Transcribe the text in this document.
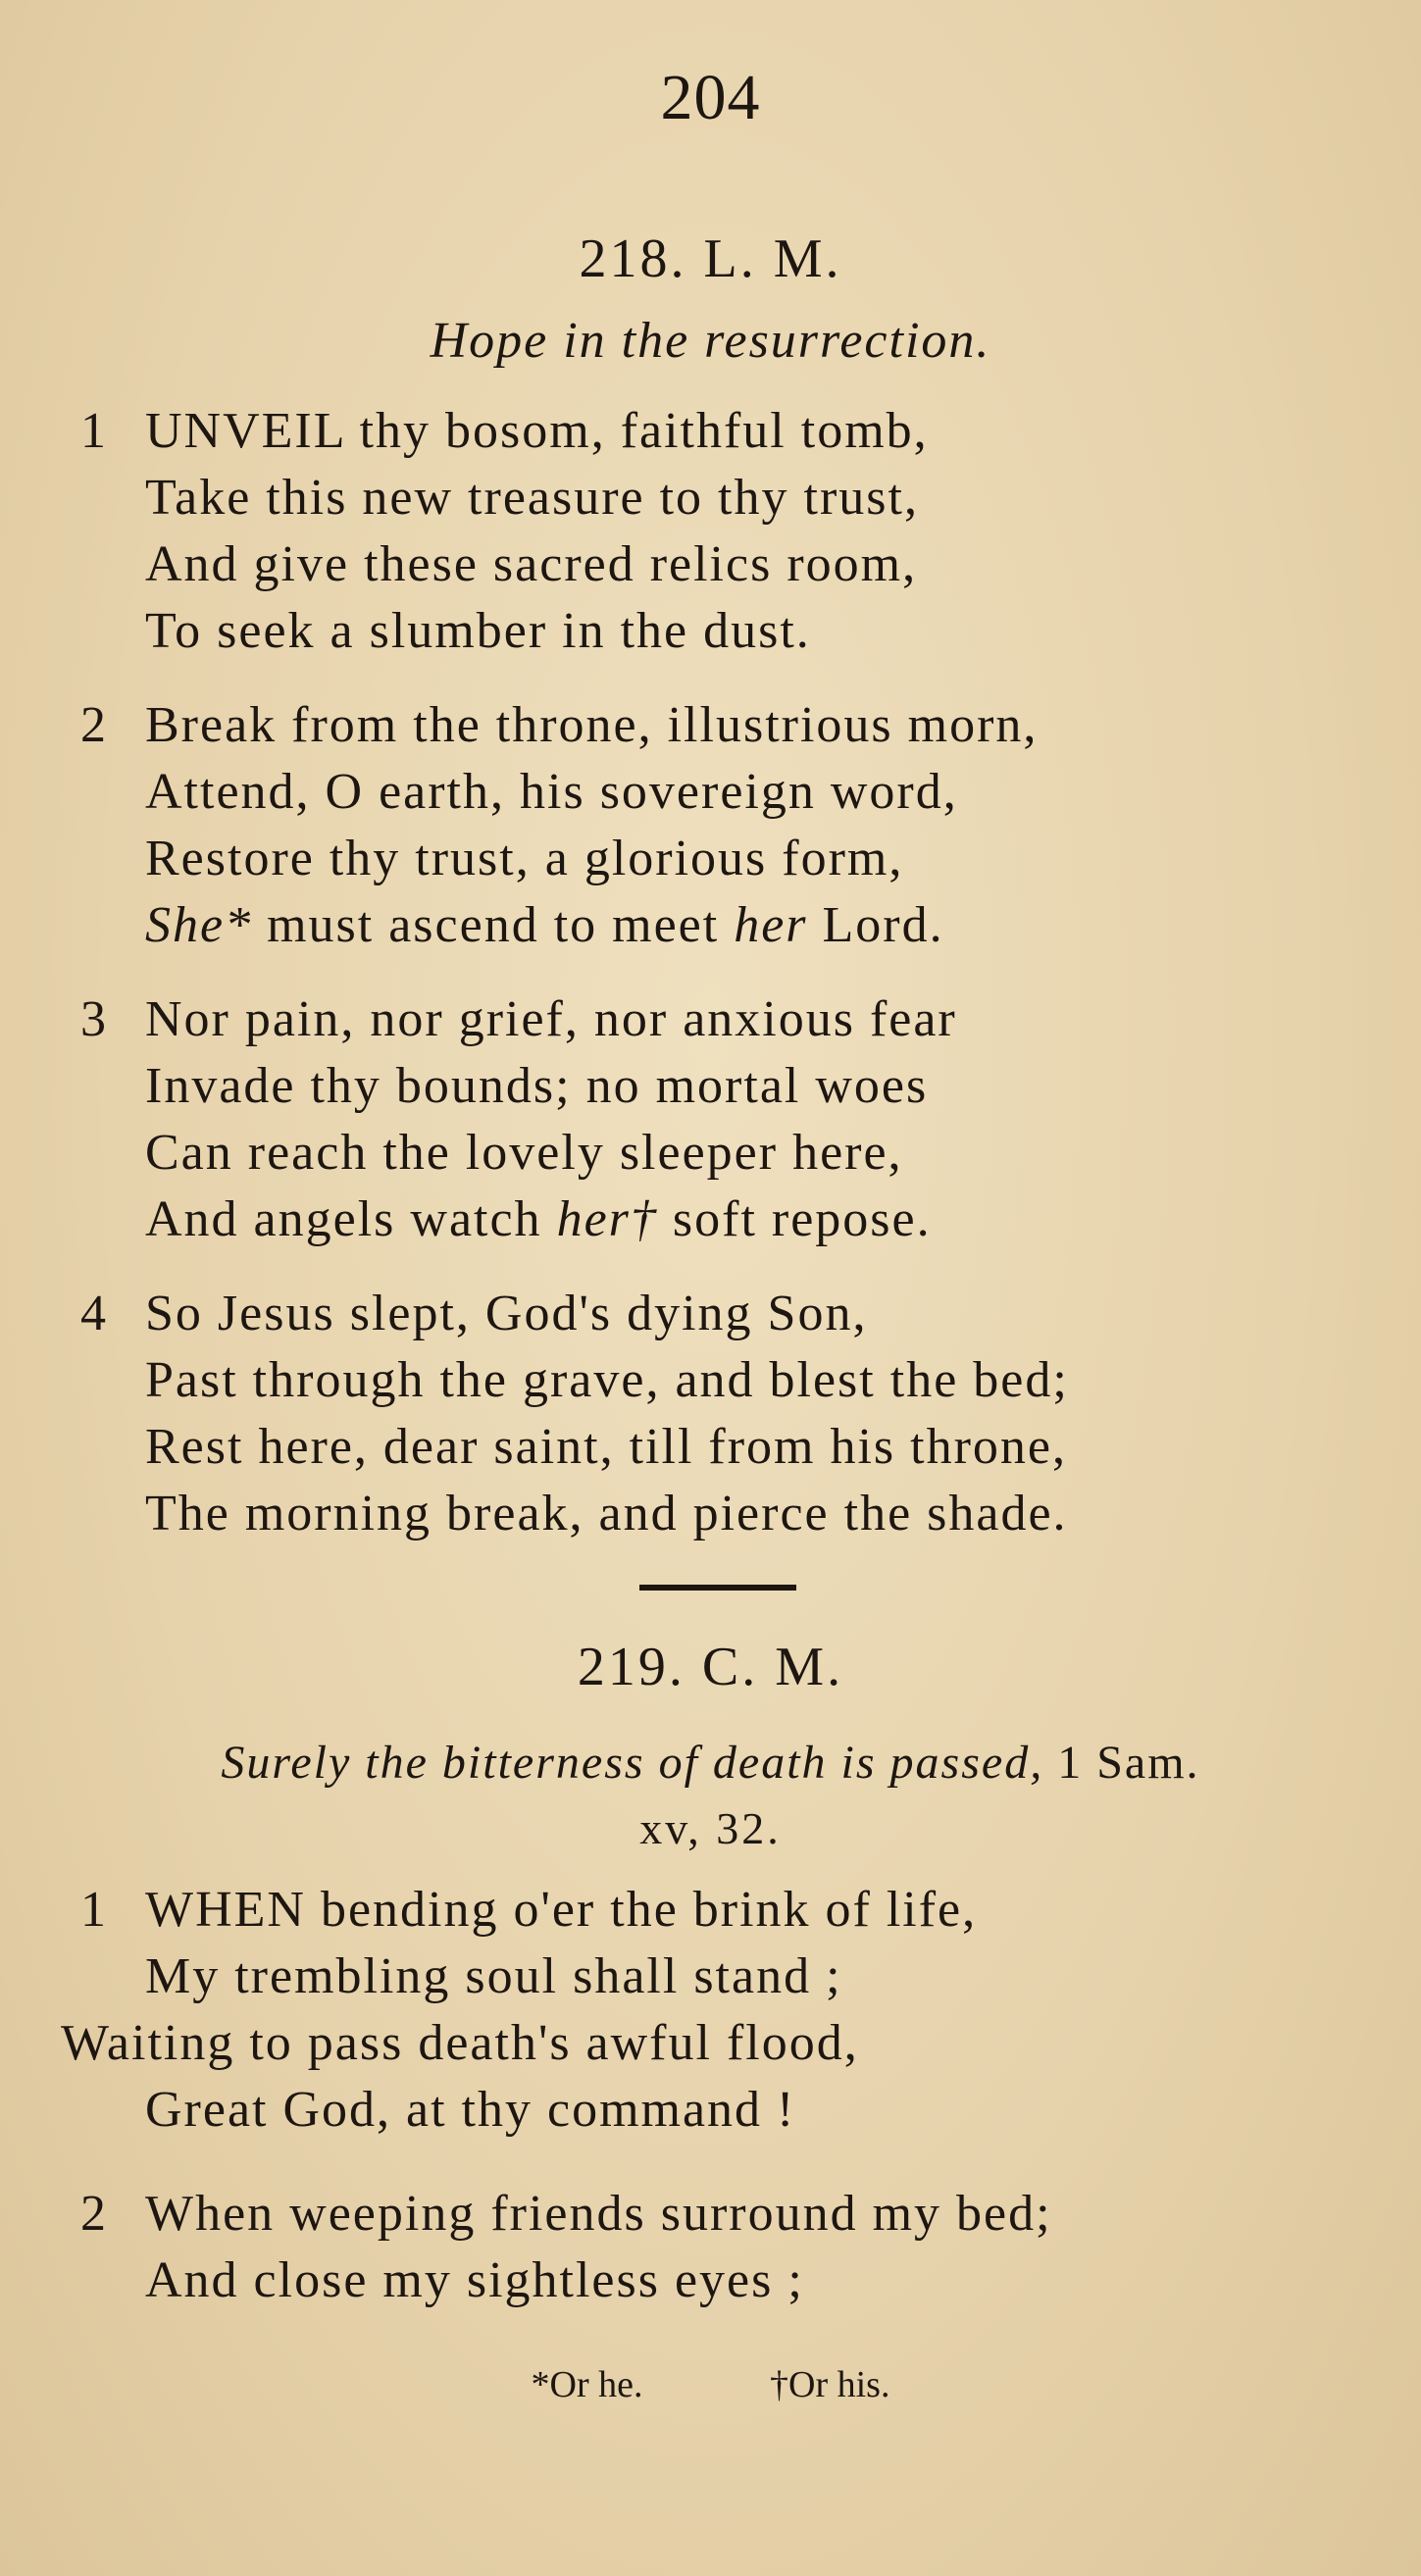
204
218. L. M.
Hope in the resurrection.
1 UNVEIL thy bosom, faithful tomb,
Take this new treasure to thy trust,
And give these sacred relics room,
To seek a slumber in the dust.
2 Break from the throne, illustrious morn,
Attend, O earth, his sovereign word,
Restore thy trust, a glorious form,
She* must ascend to meet her Lord.
3 Nor pain, nor grief, nor anxious fear
Invade thy bounds; no mortal woes
Can reach the lovely sleeper here,
And angels watch her† soft repose.
4 So Jesus slept, God's dying Son,
Past through the grave, and blest the bed;
Rest here, dear saint, till from his throne,
The morning break, and pierce the shade.
219. C. M.
Surely the bitterness of death is passed, 1 Sam.
xv, 32.
1 WHEN bending o'er the brink of life,
My trembling soul shall stand ;
Waiting to pass death's awful flood,
Great God, at thy command !
2 When weeping friends surround my bed;
And close my sightless eyes ;
*Or he.	†Or his.
